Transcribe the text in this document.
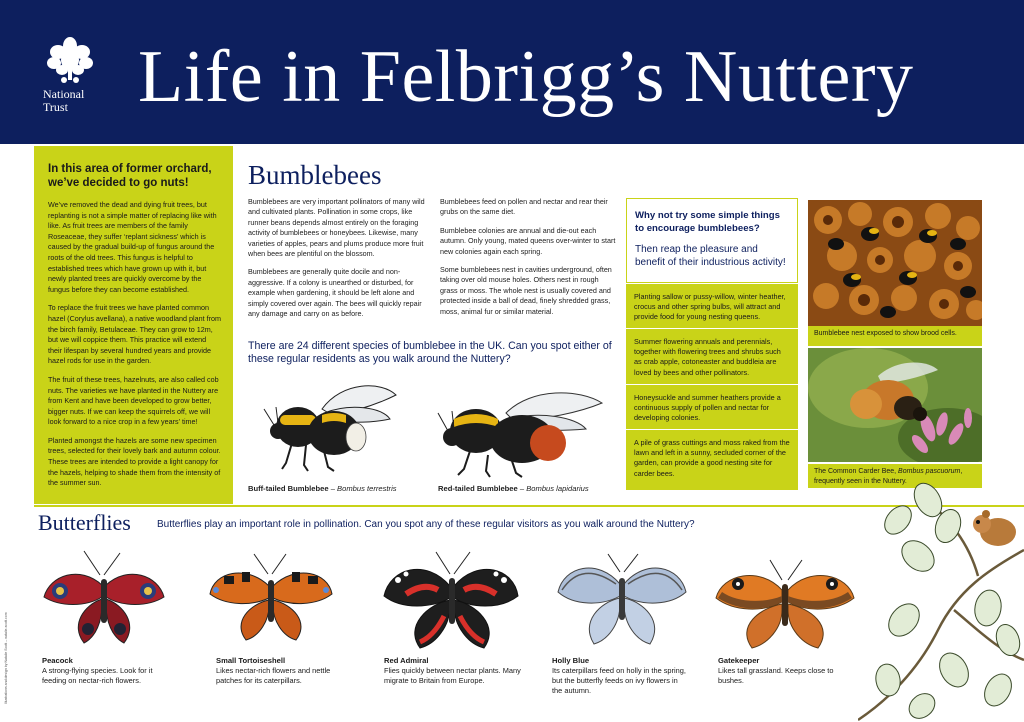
National
Trust Life in Felbrigg’s Nuttery
In this area of former orchard, we’ve decided to go nuts!

We’ve removed the dead and dying fruit trees, but replanting is not a simple matter of replacing like with like. As fruit trees are members of the family Roseaceae, they suffer ‘replant sickness’ which is caused by the gradual build-up of fungus around the roots of the old trees. This fungus is helpful to established trees which have grown up with it, but newly planted trees are quickly overcome by the fungus before they can become established.

To replace the fruit trees we have planted common hazel (Corylus avellana), a native woodland plant from the birch family, Betulaceae. They can grow to 12m, but we will coppice them. This practice will extend their lifespan by several hundred years and provide hazel rods for use in the garden.

The fruit of these trees, hazelnuts, are also called cob nuts. The varieties we have planted in the Nuttery are from Kent and have been developed to grow better, bigger nuts. If we can keep the squirrels off, we will look forward to a nice crop in a few years’ time!

Planted amongst the hazels are some new specimen trees, selected for their lovely bark and autumn colour. These trees are intended to provide a light canopy for the hazels, helping to shade them from the intensity of the summer sun.

Bumblebees

Bumblebees are very important pollinators of many wild and cultivated plants. Pollination in some crops, like runner beans depends almost entirely on the foraging activity of bumblebees or honeybees. Likewise, many varieties of apples, pears and plums produce more fruit when bees are plentiful on the blossom.

Bumblebees are generally quite docile and non-aggressive. If a colony is unearthed or disturbed, for example when gardening, it should be left alone and simply covered over again. The bees will quickly repair any damage and carry on as before.

Bumblebees feed on pollen and nectar and rear their grubs on the same diet.

Bumblebee colonies are annual and die-out each autumn. Only young, mated queens over-winter to start new colonies again each spring.

Some bumblebees nest in cavities underground, often taking over old mouse holes. Others nest in rough grass or moss. The whole nest is usually covered and protected inside a ball of dead, finely shredded grass, moss, animal fur or similar material.

There are 24 different species of bumblebee in the UK. Can you spot either of these regular residents as you walk around the Nuttery?
Buff-tailed Bumblebee – Bombus terrestris	Red-tailed Bumblebee – Bombus lapidarius
Why not try some simple things to encourage bumblebees?

Then reap the pleasure and benefit of their industrious activity!

Planting sallow or pussy-willow, winter heather, crocus and other spring bulbs, will attract and provide food for young nesting queens.
Summer flowering annuals and perennials, together with flowering trees and shrubs such as crab apple, cotoneaster and buddleia are loved by bees and other pollinators.
Honeysuckle and summer heathers provide a continuous supply of pollen and nectar for developing colonies.
A pile of grass cuttings and moss raked from the lawn and left in a sunny, secluded corner of the garden, can provide a good nesting site for carder bees.
Bumblebee nest exposed to show brood cells.
The Common Carder Bee, Bombus pascuorum, frequently seen in the Nuttery.
Butterflies	Butterflies play an important role in pollination. Can you spot any of these regular visitors as you walk around the Nuttery?
Peacock
A strong-flying species. Look for it feeding on nectar-rich flowers.
Small Tortoiseshell
Likes nectar-rich flowers and nettle patches for its caterpillars.
Red Admiral
Flies quickly between nectar plants. Many migrate to Britain from Europe.
Holly Blue
Its caterpillars feed on holly in the spring, but the butterfly feeds on ivy flowers in the autumn.
Gatekeeper
Likes tall grassland. Keeps close to bushes.
Illustrations and design by Natalie Scott – natalie-scott.com
